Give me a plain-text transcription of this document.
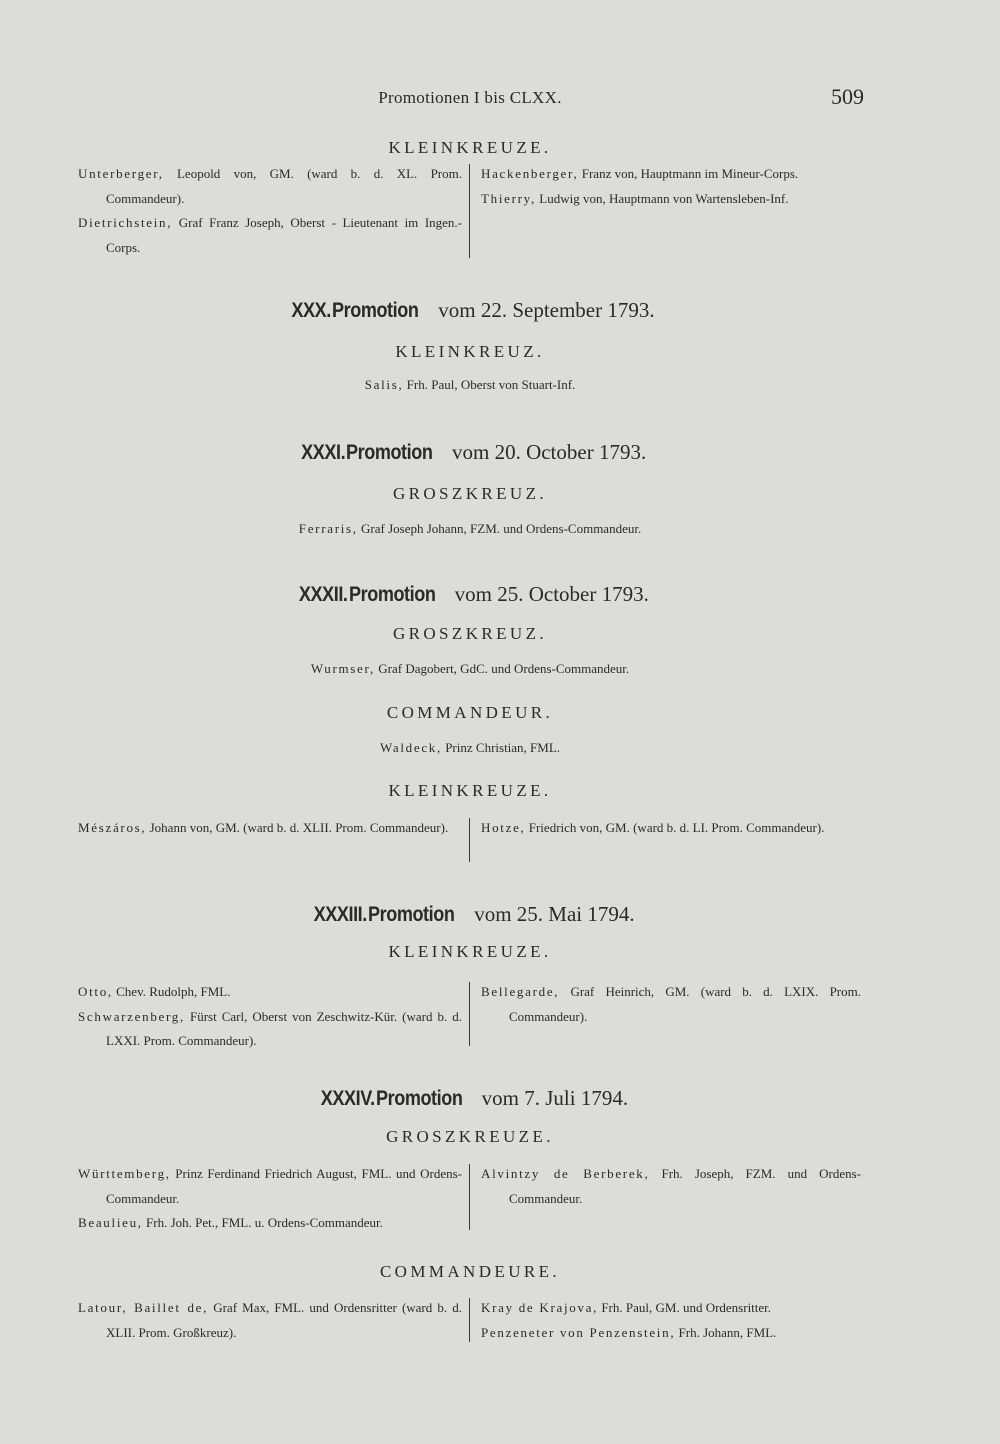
Promotionen I bis CLXX.	509
KLEINKREUZE.
Unterberger, Leopold von, GM. (ward b. d. XL. Prom. Commandeur).
Dietrichstein, Graf Franz Joseph, Oberst - Lieutenant im Ingen.-Corps.
Hackenberger, Franz von, Hauptmann im Mineur-Corps.
Thierry, Ludwig von, Hauptmann von Wartensleben-Inf.
XXX. Promotion vom 22. September 1793.
KLEINKREUZ.
Salis, Frh. Paul, Oberst von Stuart-Inf.
XXXI. Promotion vom 20. October 1793.
GROSZKREUZ.
Ferraris, Graf Joseph Johann, FZM. und Ordens-Commandeur.
XXXII. Promotion vom 25. October 1793.
GROSZKREUZ.
Wurmser, Graf Dagobert, GdC. und Ordens-Commandeur.
COMMANDEUR.
Waldeck, Prinz Christian, FML.
KLEINKREUZE.
Mészáros, Johann von, GM. (ward b. d. XLII. Prom. Commandeur).	Hotze, Friedrich von, GM. (ward b. d. LI. Prom. Commandeur).
XXXIII. Promotion vom 25. Mai 1794.
KLEINKREUZE.
Otto, Chev. Rudolph, FML.
Schwarzenberg, Fürst Carl, Oberst von Zeschwitz-Kür. (ward b. d. LXXI. Prom. Commandeur).
Bellegarde, Graf Heinrich, GM. (ward b. d. LXIX. Prom. Commandeur).
XXXIV. Promotion vom 7. Juli 1794.
GROSZKREUZE.
Württemberg, Prinz Ferdinand Friedrich August, FML. und Ordens-Commandeur.
Beaulieu, Frh. Joh. Pet., FML. u. Ordens-Commandeur.
Alvintzy de Berberek, Frh. Joseph, FZM. und Ordens-Commandeur.
COMMANDEURE.
Latour, Baillet de, Graf Max, FML. und Ordensritter (ward b. d. XLII. Prom. Großkreuz).
Kray de Krajova, Frh. Paul, GM. und Ordensritter.
Penzeneter von Penzenstein, Frh. Johann, FML.
